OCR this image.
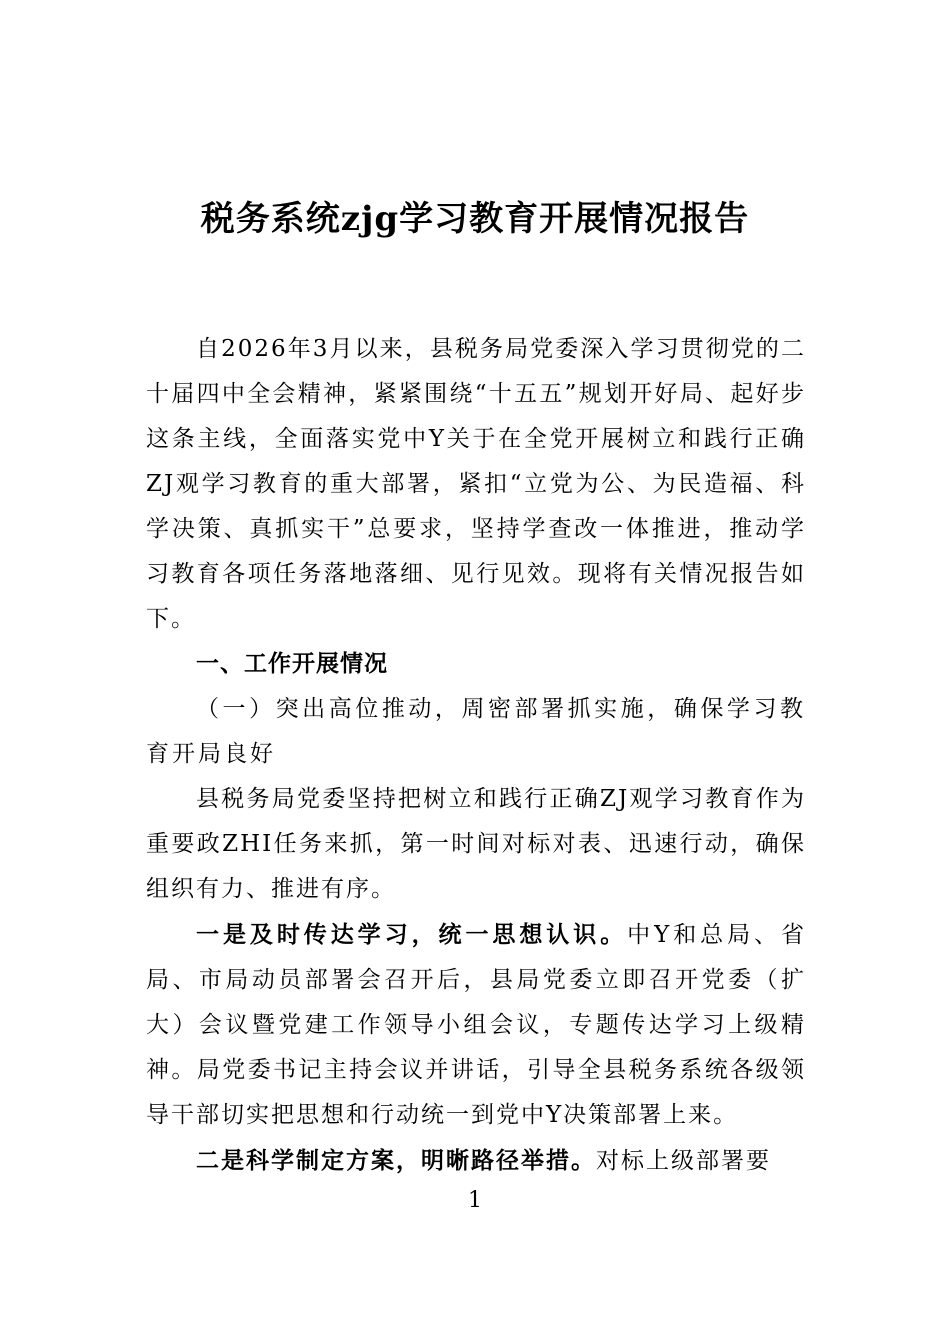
税务系统zjg学习教育开展情况报告

自2026年3月以来，县税务局党委深入学习贯彻党的二十届四中全会精神，紧紧围绕“十五五”规划开好局、起好步这条主线，全面落实党中Y关于在全党开展树立和践行正确ZJ观学习教育的重大部署，紧扣“立党为公、为民造福、科学决策、真抓实干”总要求，坚持学查改一体推进，推动学习教育各项任务落地落细、见行见效。现将有关情况报告如下。

一、工作开展情况

（一）突出高位推动，周密部署抓实施，确保学习教育开局良好

县税务局党委坚持把树立和践行正确ZJ观学习教育作为重要政ZHI任务来抓，第一时间对标对表、迅速行动，确保组织有力、推进有序。

一是及时传达学习，统一思想认识。中Y和总局、省局、市局动员部署会召开后，县局党委立即召开党委（扩大）会议暨党建工作领导小组会议，专题传达学习上级精神。局党委书记主持会议并讲话，引导全县税务系统各级领导干部切实把思想和行动统一到党中Y决策部署上来。

二是科学制定方案，明晰路径举措。对标上级部署要

1
